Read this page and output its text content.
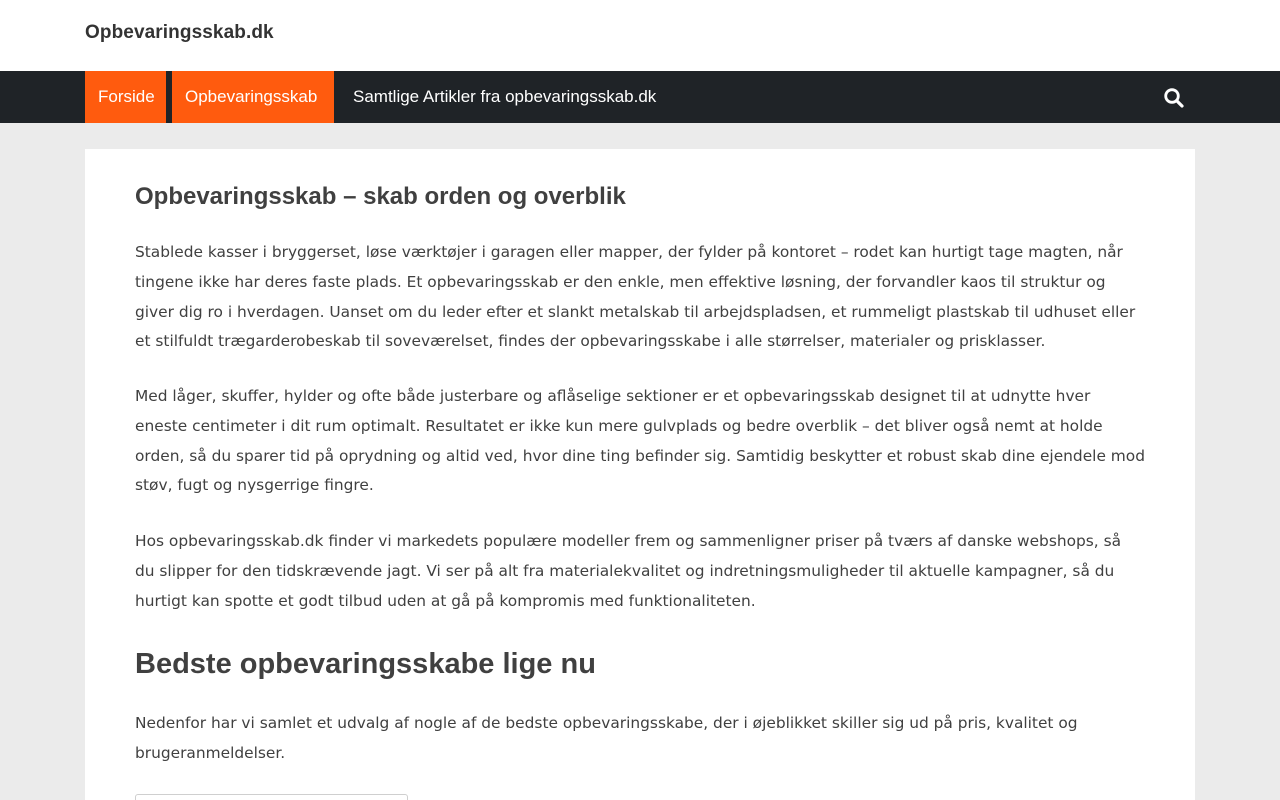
Opbevaringsskab.dk
Forside	Opbevaringsskab	Samtlige Artikler fra opbevaringsskab.dk
Opbevaringsskab – skab orden og overblik

Stablede kasser i bryggerset, løse værktøjer i garagen eller mapper, der fylder på kontoret – rodet kan hurtigt tage magten, når tingene ikke har deres faste plads. Et opbevaringsskab er den enkle, men effektive løsning, der forvandler kaos til struktur og giver dig ro i hverdagen. Uanset om du leder efter et slankt metalskab til arbejdspladsen, et rummeligt plastskab til udhuset eller et stilfuldt trægarderobeskab til soveværelset, findes der opbevaringsskabe i alle størrelser, materialer og prisklasser.

Med låger, skuffer, hylder og ofte både justerbare og aflåselige sektioner er et opbevaringsskab designet til at udnytte hver eneste centimeter i dit rum optimalt. Resultatet er ikke kun mere gulvplads og bedre overblik – det bliver også nemt at holde orden, så du sparer tid på oprydning og altid ved, hvor dine ting befinder sig. Samtidig beskytter et robust skab dine ejendele mod støv, fugt og nysgerrige fingre.

Hos opbevaringsskab.dk finder vi markedets populære modeller frem og sammenligner priser på tværs af danske webshops, så du slipper for den tidskrævende jagt. Vi ser på alt fra materialekvalitet og indretningsmuligheder til aktuelle kampagner, så du hurtigt kan spotte et godt tilbud uden at gå på kompromis med funktionaliteten.

Bedste opbevaringsskabe lige nu

Nedenfor har vi samlet et udvalg af nogle af de bedste opbevaringsskabe, der i øjeblikket skiller sig ud på pris, kvalitet og brugeranmeldelser.
